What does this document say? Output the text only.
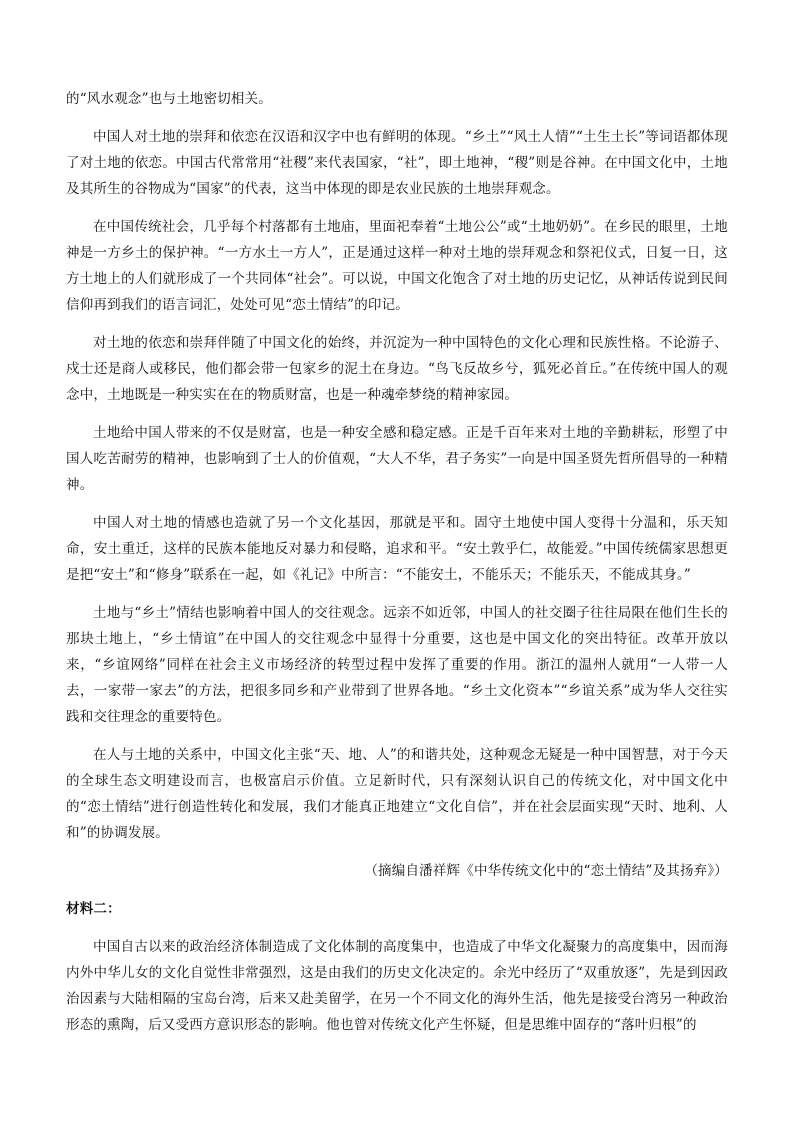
的“风水观念”也与土地密切相关。

中国人对土地的崇拜和依恋在汉语和汉字中也有鲜明的体现。“乡土”“风土人情”“土生土长”等词语都体现了对土地的依恋。中国古代常常用“社稷”来代表国家，“社”，即土地神，“稷”则是谷神。在中国文化中，土地及其所生的谷物成为“国家”的代表，这当中体现的即是农业民族的土地崇拜观念。

在中国传统社会，几乎每个村落都有土地庙，里面祀奉着“土地公公”或“土地奶奶”。在乡民的眼里，土地神是一方乡土的保护神。“一方水土一方人”，正是通过这样一种对土地的崇拜观念和祭祀仪式，日复一日，这方土地上的人们就形成了一个共同体“社会”。可以说，中国文化饱含了对土地的历史记忆，从神话传说到民间信仰再到我们的语言词汇，处处可见“恋土情结”的印记。

对土地的依恋和崇拜伴随了中国文化的始终，并沉淀为一种中国特色的文化心理和民族性格。不论游子、戍士还是商人或移民，他们都会带一包家乡的泥土在身边。“鸟飞反故乡兮，狐死必首丘。”在传统中国人的观念中，土地既是一种实实在在的物质财富，也是一种魂牵梦绕的精神家园。

土地给中国人带来的不仅是财富，也是一种安全感和稳定感。正是千百年来对土地的辛勤耕耘，形塑了中国人吃苦耐劳的精神，也影响到了士人的价值观，“大人不华，君子务实”一向是中国圣贤先哲所倡导的一种精神。

中国人对土地的情感也造就了另一个文化基因，那就是平和。固守土地使中国人变得十分温和，乐天知命，安土重迁，这样的民族本能地反对暴力和侵略，追求和平。“安土敦乎仁，故能爱。”中国传统儒家思想更是把“安土”和“修身”联系在一起，如《礼记》中所言：“不能安土，不能乐天；不能乐天，不能成其身。”

土地与“乡土”情结也影响着中国人的交往观念。远亲不如近邻，中国人的社交圈子往往局限在他们生长的那块土地上，“乡土情谊”在中国人的交往观念中显得十分重要，这也是中国文化的突出特征。改革开放以来，“乡谊网络”同样在社会主义市场经济的转型过程中发挥了重要的作用。浙江的温州人就用“一人带一人去，一家带一家去”的方法，把很多同乡和产业带到了世界各地。“乡土文化资本”“乡谊关系”成为华人交往实践和交往理念的重要特色。

在人与土地的关系中，中国文化主张“天、地、人”的和谐共处，这种观念无疑是一种中国智慧，对于今天的全球生态文明建设而言，也极富启示价值。立足新时代，只有深刻认识自己的传统文化，对中国文化中的“恋土情结”进行创造性转化和发展，我们才能真正地建立“文化自信”，并在社会层面实现“天时、地利、人和”的协调发展。

（摘编自潘祥辉《中华传统文化中的“恋土情结”及其扬弃》）

材料二：

中国自古以来的政治经济体制造成了文化体制的高度集中，也造成了中华文化凝聚力的高度集中，因而海内外中华儿女的文化自觉性非常强烈，这是由我们的历史文化决定的。余光中经历了“双重放逐”，先是到因政治因素与大陆相隔的宝岛台湾，后来又赴美留学，在另一个不同文化的海外生活，他先是接受台湾另一种政治形态的熏陶，后又受西方意识形态的影响。他也曾对传统文化产生怀疑，但是思维中固存的“落叶归根”的
